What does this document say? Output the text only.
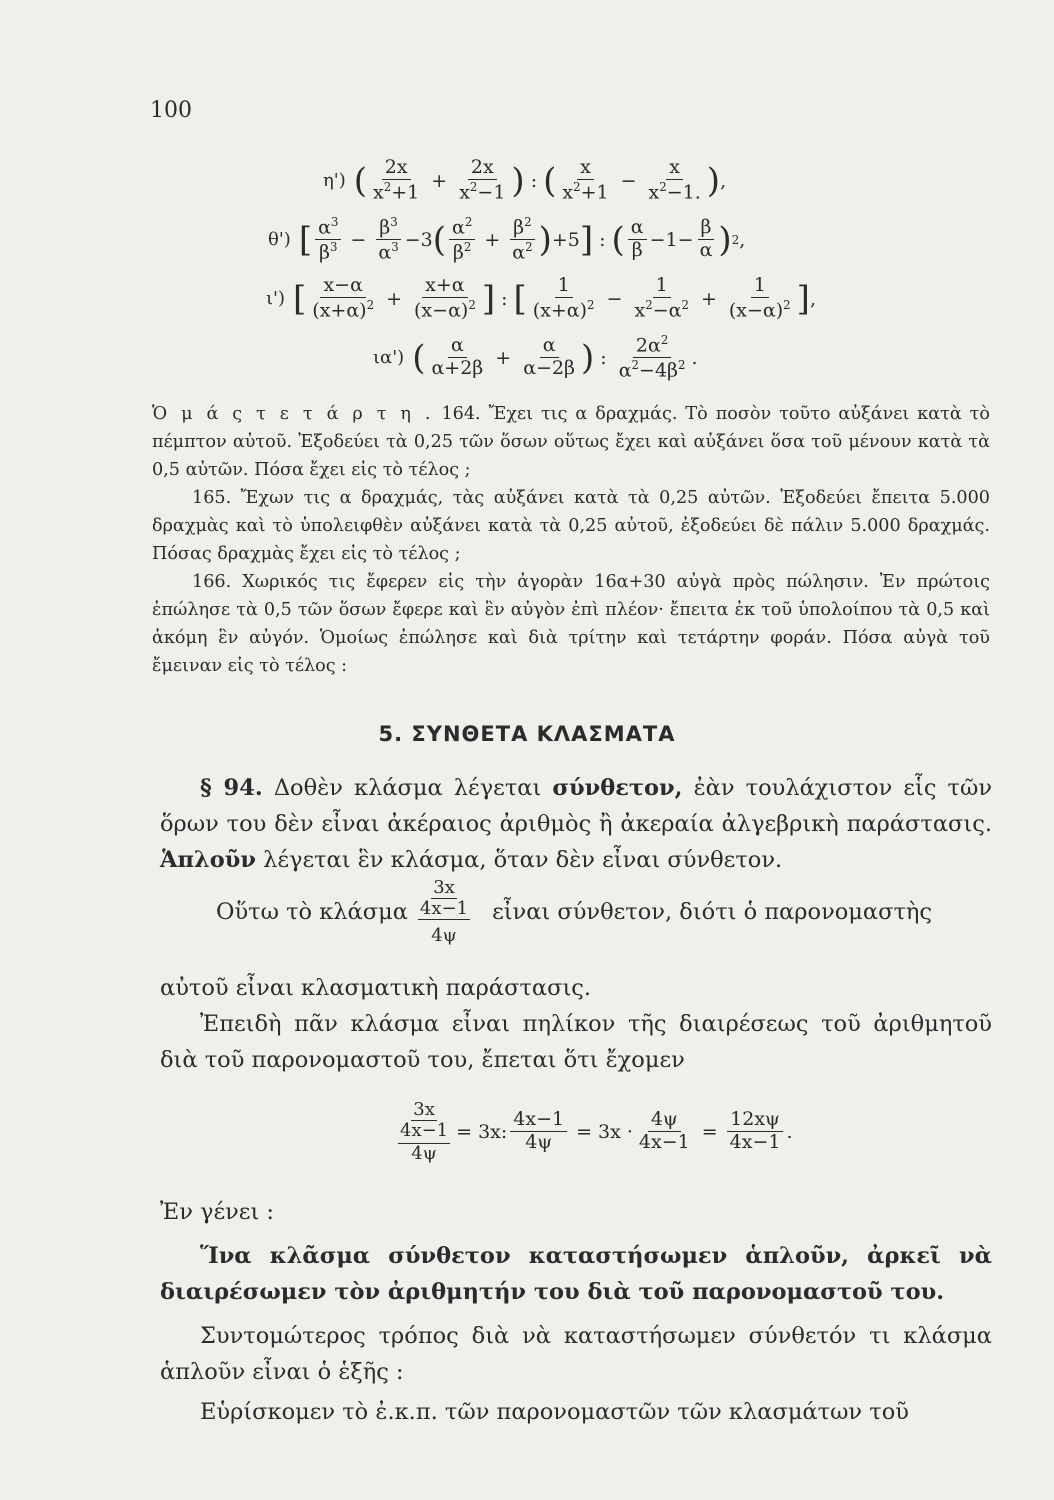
100
η') ( $\frac{2x}{x^2+1} + \frac{2x}{x^2-1}$ ) : ( $\frac{x}{x^2+1} - \frac{x}{x^2-1.}$ ) ,
θ') [ $\frac{\alpha^3}{\beta^3} - \frac{\beta^3}{\alpha^3} -3$ ( $\frac{\alpha^2}{\beta^2} + \frac{\beta^2}{\alpha^2}$ ) +5 ] : ( $\frac{\alpha}{\beta} -1- \frac{\beta}{\alpha}$ ) 2 ,
ι') [ $\frac{x-\alpha}{(x+\alpha)^2} + \frac{x+\alpha}{(x-\alpha)^2}$ ] : [ $\frac{1}{(x+\alpha)^2} - \frac{1}{x^2-\alpha^2} + \frac{1}{(x-\alpha)^2}$ ] ,
ια') ( $\frac{\alpha}{\alpha+2\beta} + \frac{\alpha}{\alpha-2\beta}$ ) : $\frac{2\alpha^2}{\alpha^2-4\beta^2}$ .

Ὁ μ ά ς τ ε τ ά ρ τ η . 164. Ἔχει τις α δραχμάς. Τὸ ποσὸν τοῦτο αὐξάνει κατὰ τὸ πέμπτον αὐτοῦ. Ἐξοδεύει τὰ 0,25 τῶν ὅσων οὕτως ἔχει καὶ αὐξάνει ὅσα τοῦ μένουν κατὰ τὰ 0,5 αὐτῶν. Πόσα ἔχει εἰς τὸ τέλος ;

165. Ἔχων τις α δραχμάς, τὰς αὐξάνει κατὰ τὰ 0,25 αὐτῶν. Ἐξοδεύει ἔπειτα 5.000 δραχμὰς καὶ τὸ ὑπολειφθὲν αὐξάνει κατὰ τὰ 0,25 αὐτοῦ, ἐξοδεύει δὲ πάλιν 5.000 δραχμάς. Πόσας δραχμὰς ἔχει εἰς τὸ τέλος ;

166. Χωρικός τις ἔφερεν εἰς τὴν ἀγορὰν 16α+30 αὐγὰ πρὸς πώλησιν. Ἐν πρώτοις ἐπώλησε τὰ 0,5 τῶν ὅσων ἔφερε καὶ ἓν αὐγὸν ἐπὶ πλέον· ἔπειτα ἐκ τοῦ ὑπολοίπου τὰ 0,5 καὶ ἀκόμη ἓν αὐγόν. Ὁμοίως ἐπώλησε καὶ διὰ τρίτην καὶ τετάρτην φοράν. Πόσα αὐγὰ τοῦ ἔμειναν εἰς τὸ τέλος :

5. ΣΥΝΘΕΤΑ ΚΛΑΣΜΑΤΑ

§ 94. Δοθὲν κλάσμα λέγεται σύνθετον, ἐὰν τουλάχιστον εἷς τῶν ὅρων του δὲν εἶναι ἀκέραιος ἀριθμὸς ἢ ἀκεραία ἀλγεβρικὴ παράστασις. Ἁπλοῦν λέγεται ἓν κλάσμα, ὅταν δὲν εἶναι σύνθετον.

Οὕτω τὸ κλάσμα
3x
4x−1
4ψ
εἶναι σύνθετον, διότι ὁ παρονομαστὴς

αὐτοῦ εἶναι κλασματικὴ παράστασις.

Ἐπειδὴ πᾶν κλάσμα εἶναι πηλίκον τῆς διαιρέσεως τοῦ ἀριθμητοῦ διὰ τοῦ παρονομαστοῦ του, ἔπεται ὅτι ἔχομεν

3x
4x−1
4ψ
= 3x: $\frac{4x-1}{4\psi} = 3x \cdot \frac{4\psi}{4x-1} = \frac{12x\psi}{4x-1}$ .

Ἐν γένει :

Ἵνα κλᾶσμα σύνθετον καταστήσωμεν ἁπλοῦν, ἀρκεῖ νὰ διαιρέσωμεν τὸν ἀριθμητήν του διὰ τοῦ παρονομαστοῦ του.

Συντομώτερος τρόπος διὰ νὰ καταστήσωμεν σύνθετόν τι κλάσμα ἁπλοῦν εἶναι ὁ ἑξῆς :

Εὑρίσκομεν τὸ ἐ.κ.π. τῶν παρονομαστῶν τῶν κλασμάτων τοῦ
